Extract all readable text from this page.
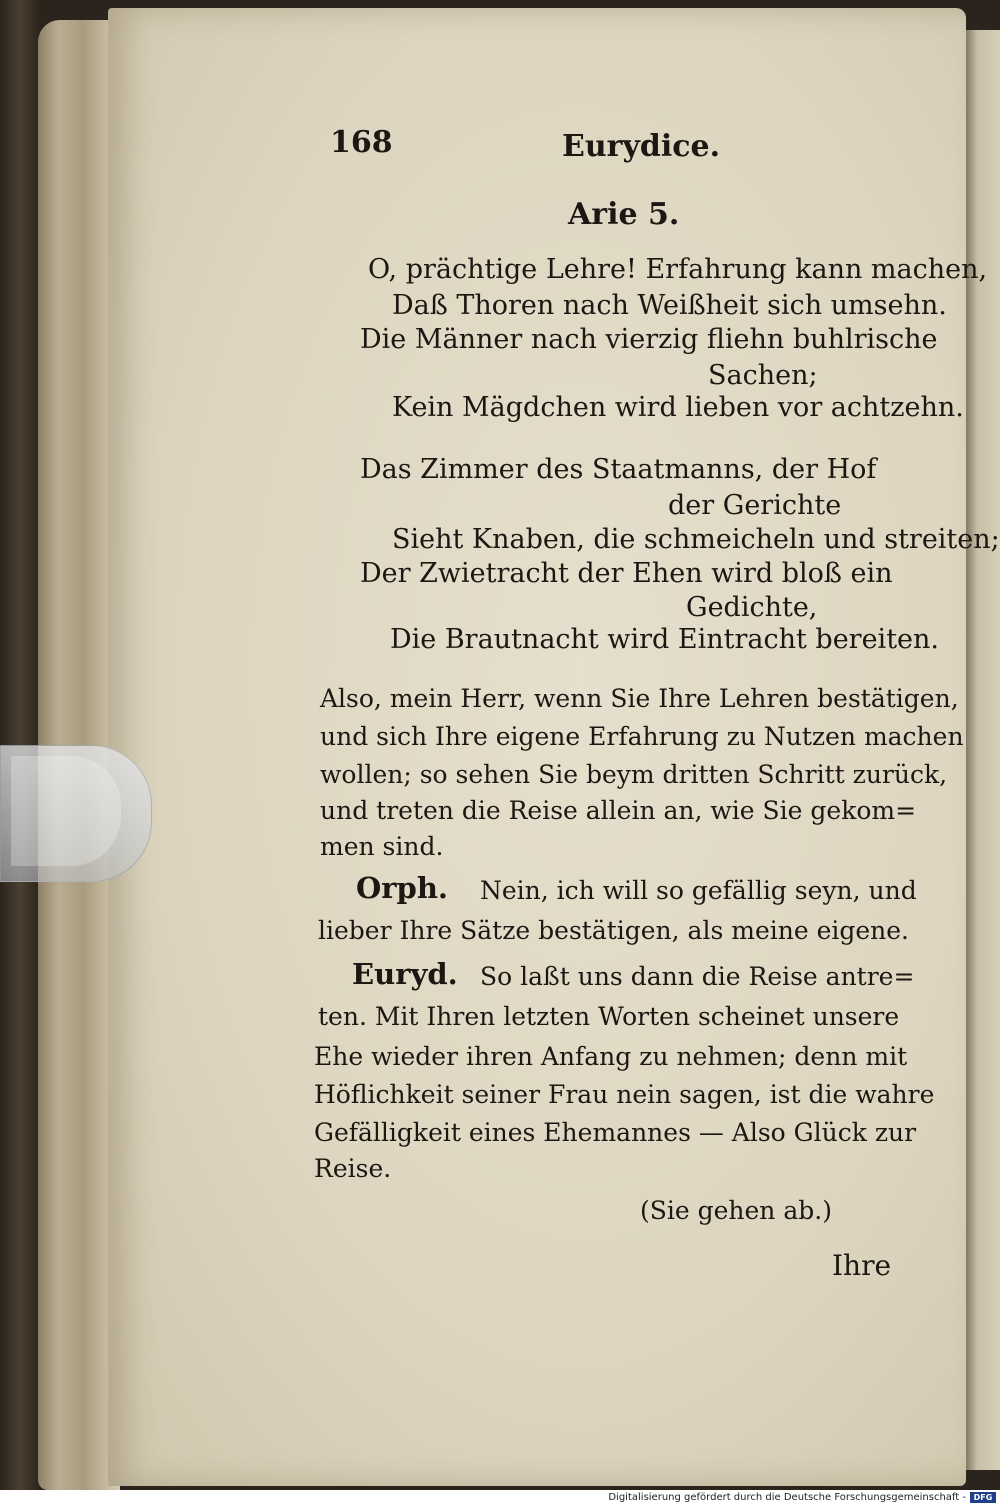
168	Eurydice.
Arie 5.
O, prächtige Lehre! Erfahrung kann machen,
Daß Thoren nach Weißheit sich umsehn.
Die Männer nach vierzig fliehn buhlrische
Sachen;
Kein Mägdchen wird lieben vor achtzehn.
Das Zimmer des Staatmanns, der Hof
der Gerichte
Sieht Knaben, die schmeicheln und streiten;
Der Zwietracht der Ehen wird bloß ein
Gedichte,
Die Brautnacht wird Eintracht bereiten.
Also, mein Herr, wenn Sie Ihre Lehren bestätigen,
und sich Ihre eigene Erfahrung zu Nutzen machen
wollen; so sehen Sie beym dritten Schritt zurück,
und treten die Reise allein an, wie Sie gekom=
men sind.
Orph. Nein, ich will so gefällig seyn, und
lieber Ihre Sätze bestätigen, als meine eigene.
Euryd. So laßt uns dann die Reise antre=
ten. Mit Ihren letzten Worten scheinet unsere
Ehe wieder ihren Anfang zu nehmen; denn mit
Höflichkeit seiner Frau nein sagen, ist die wahre
Gefälligkeit eines Ehemannes — Also Glück zur
Reise.
(Sie gehen ab.)
Ihre
Digitalisierung gefördert durch die Deutsche Forschungsgemeinschaft - DFG
